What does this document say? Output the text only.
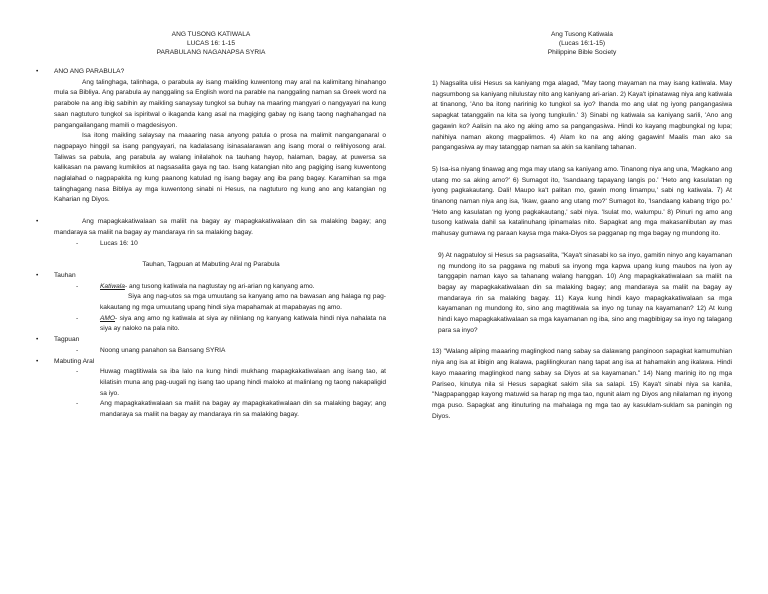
ANG TUSONG KATIWALA

LUCAS 16: 1-15

PARABULANG NAGANAPSA SYRIA

• ANO ANG PARABULA?

Ang talinghaga, talinhaga, o parabula ay isang maikling kuwentong may aral na kalimitang hinahango mula sa Bibliya. Ang parabula ay nanggaling sa English word na parable na nanggaling naman sa Greek word na parabole na ang ibig sabihin ay maikling sanaysay tungkol sa buhay na maaring mangyari o nangyayari na kung saan nagtuturo tungkol sa ispiritwal o ikaganda kang asal na magiging gabay ng isang taong naghahangad na pangangailangang mamili o magdesisyon.

Isa itong maikling salaysay na maaaring nasa anyong patula o prosa na malimit nanganganaral o nagpapayo hinggil sa isang pangyayari, na kadalasang isinasalarawan ang isang moral o relihiyosong aral. Taliwas sa pabula, ang parabula ay walang inilalahok na tauhang hayop, halaman, bagay, at puwersa sa kalikasan na pawang kumikilos at nagsasalita gaya ng tao. Isang katangian nito ang pagiging isang kuwentong naglalahad o nagpapakita ng kung paanong katulad ng isang bagay ang iba pang bagay. Karamihan sa mga talinghagang nasa Bibliya ay mga kuwentong sinabi ni Hesus, na nagtuturo ng kung ano ang katangian ng Kaharian ng Diyos.

• Ang mapagkakatiwalaan sa maliit na bagay ay mapagkakatiwalaan din sa malaking bagay; ang mandaraya sa maliit na bagay ay mandaraya rin sa malaking bagay.

- Lucas 16: 10

Tauhan, Tagpuan at Mabuting Aral ng Parabula

• Tauhan

- Katiwala- ang tusong katiwala na nagtustay ng ari-arian ng kanyang amo.

Siya ang nag-utos sa mga umuutang sa kanyang amo na bawasan ang halaga ng pag-kakautang ng mga umuutang upang hindi siya mapahamak at mapabayas ng amo.

- AMO- siya ang amo ng katiwala at siya ay nilinlang ng kanyang katiwala hindi niya nahalata na siya ay naloko na pala nito.

• Tagpuan
- Noong unang panahon sa Bansang SYRIA
• Mabuting Aral

- Huwag magtitiwala sa iba lalo na kung hindi mukhang mapagkakatiwalaan ang isang tao, at kilatisin muna ang pag-uugali ng isang tao upang hindi maloko at malinlang ng taong nakapaligid sa iyo.

- Ang mapagkakatiwalaan sa maliit na bagay ay mapagkakatiwalaan din sa malaking bagay; ang mandaraya sa maliit na bagay ay mandaraya rin sa malaking bagay.

Ang Tusong Katiwala

(Lucas 16:1-15)

Philippine Bible Society

1) Nagsalita ulisi Hesus sa kaniyang mga alagad, "May taong mayaman na may isang katiwala. May nagsumbong sa kaniyang nilulustay nito ang kaniyang ari-arian. 2) Kaya't ipinatawag niya ang katiwala at tinanong, 'Ano ba itong naririnig ko tungkol sa iyo? Ihanda mo ang ulat ng iyong pangangasiwa sapagkat tatanggalin na kita sa iyong tungkulin.' 3) Sinabi ng katiwala sa kaniyang sarili, 'Ano ang gagawin ko? Aalisin na ako ng aking amo sa pangangasiwa. Hindi ko kayang magbungkal ng lupa; nahihiya naman akong magpalimos. 4) Alam ko na ang aking gagawin! Maalis man ako sa pangangasiwa ay may tatanggap naman sa akin sa kanilang tahanan.

5) Isa-isa niyang tinawag ang mga may utang sa kaniyang amo. Tinanong niya ang una, 'Magkano ang utang mo sa aking amo?' 6) Sumagot ito, 'Isandaang tapayang langis po.' 'Heto ang kasulatan ng iyong pagkakautang. Dali! Maupo ka't palitan mo, gawin mong limampu,' sabi ng katiwala. 7) At tinanong naman niya ang isa, 'Ikaw, gaano ang utang mo?' Sumagot ito, 'Isandaang kabang trigo po.' 'Heto ang kasulatan ng iyong pagkakautang,' sabi niya. 'Isulat mo, walumpu.' 8) Pinuri ng amo ang tusong katiwala dahil sa katalinuhang ipinamalas nito. Sapagkat ang mga makasanlibutan ay mas mahusay gumawa ng paraan kaysa mga maka-Diyos sa pagganap ng mga bagay ng mundong ito.

9) At nagpatuloy si Hesus sa pagsasalita, "Kaya't sinasabi ko sa inyo, gamitin ninyo ang kayamanan ng mundong ito sa paggawa ng mabuti sa inyong mga kapwa upang kung maubos na iyon ay tanggapin naman kayo sa tahanang walang hanggan. 10) Ang mapagkakatiwalaan sa maliit na bagay ay mapagkakatiwalaan din sa malaking bagay; ang mandaraya sa maliit na bagay ay mandaraya rin sa malaking bagay. 11) Kaya kung hindi kayo mapagkakatiwalaan sa mga kayamanan ng mundong ito, sino ang magtitiwala sa inyo ng tunay na kayamanan? 12) At kung hindi kayo mapagkakatiwalaan sa mga kayamanan ng iba, sino ang magbibigay sa inyo ng talagang para sa inyo?

13) "Walang aliping maaaring maglingkod nang sabay sa dalawang panginoon sapagkat kamumuhian niya ang isa at iibigin ang ikalawa, paglilingkuran nang tapat ang isa at hahamakin ang ikalawa. Hindi kayo maaaring maglingkod nang sabay sa Diyos at sa kayamanan." 14) Nang marinig ito ng mga Pariseo, kinutya nila si Hesus sapagkat sakim sila sa salapi. 15) Kaya't sinabi niya sa kanila, "Nagpapanggap kayong matuwid sa harap ng mga tao, ngunit alam ng Diyos ang nilalaman ng inyong mga puso. Sapagkat ang itinuturing na mahalaga ng mga tao ay kasuklam-suklam sa paningin ng Diyos.
